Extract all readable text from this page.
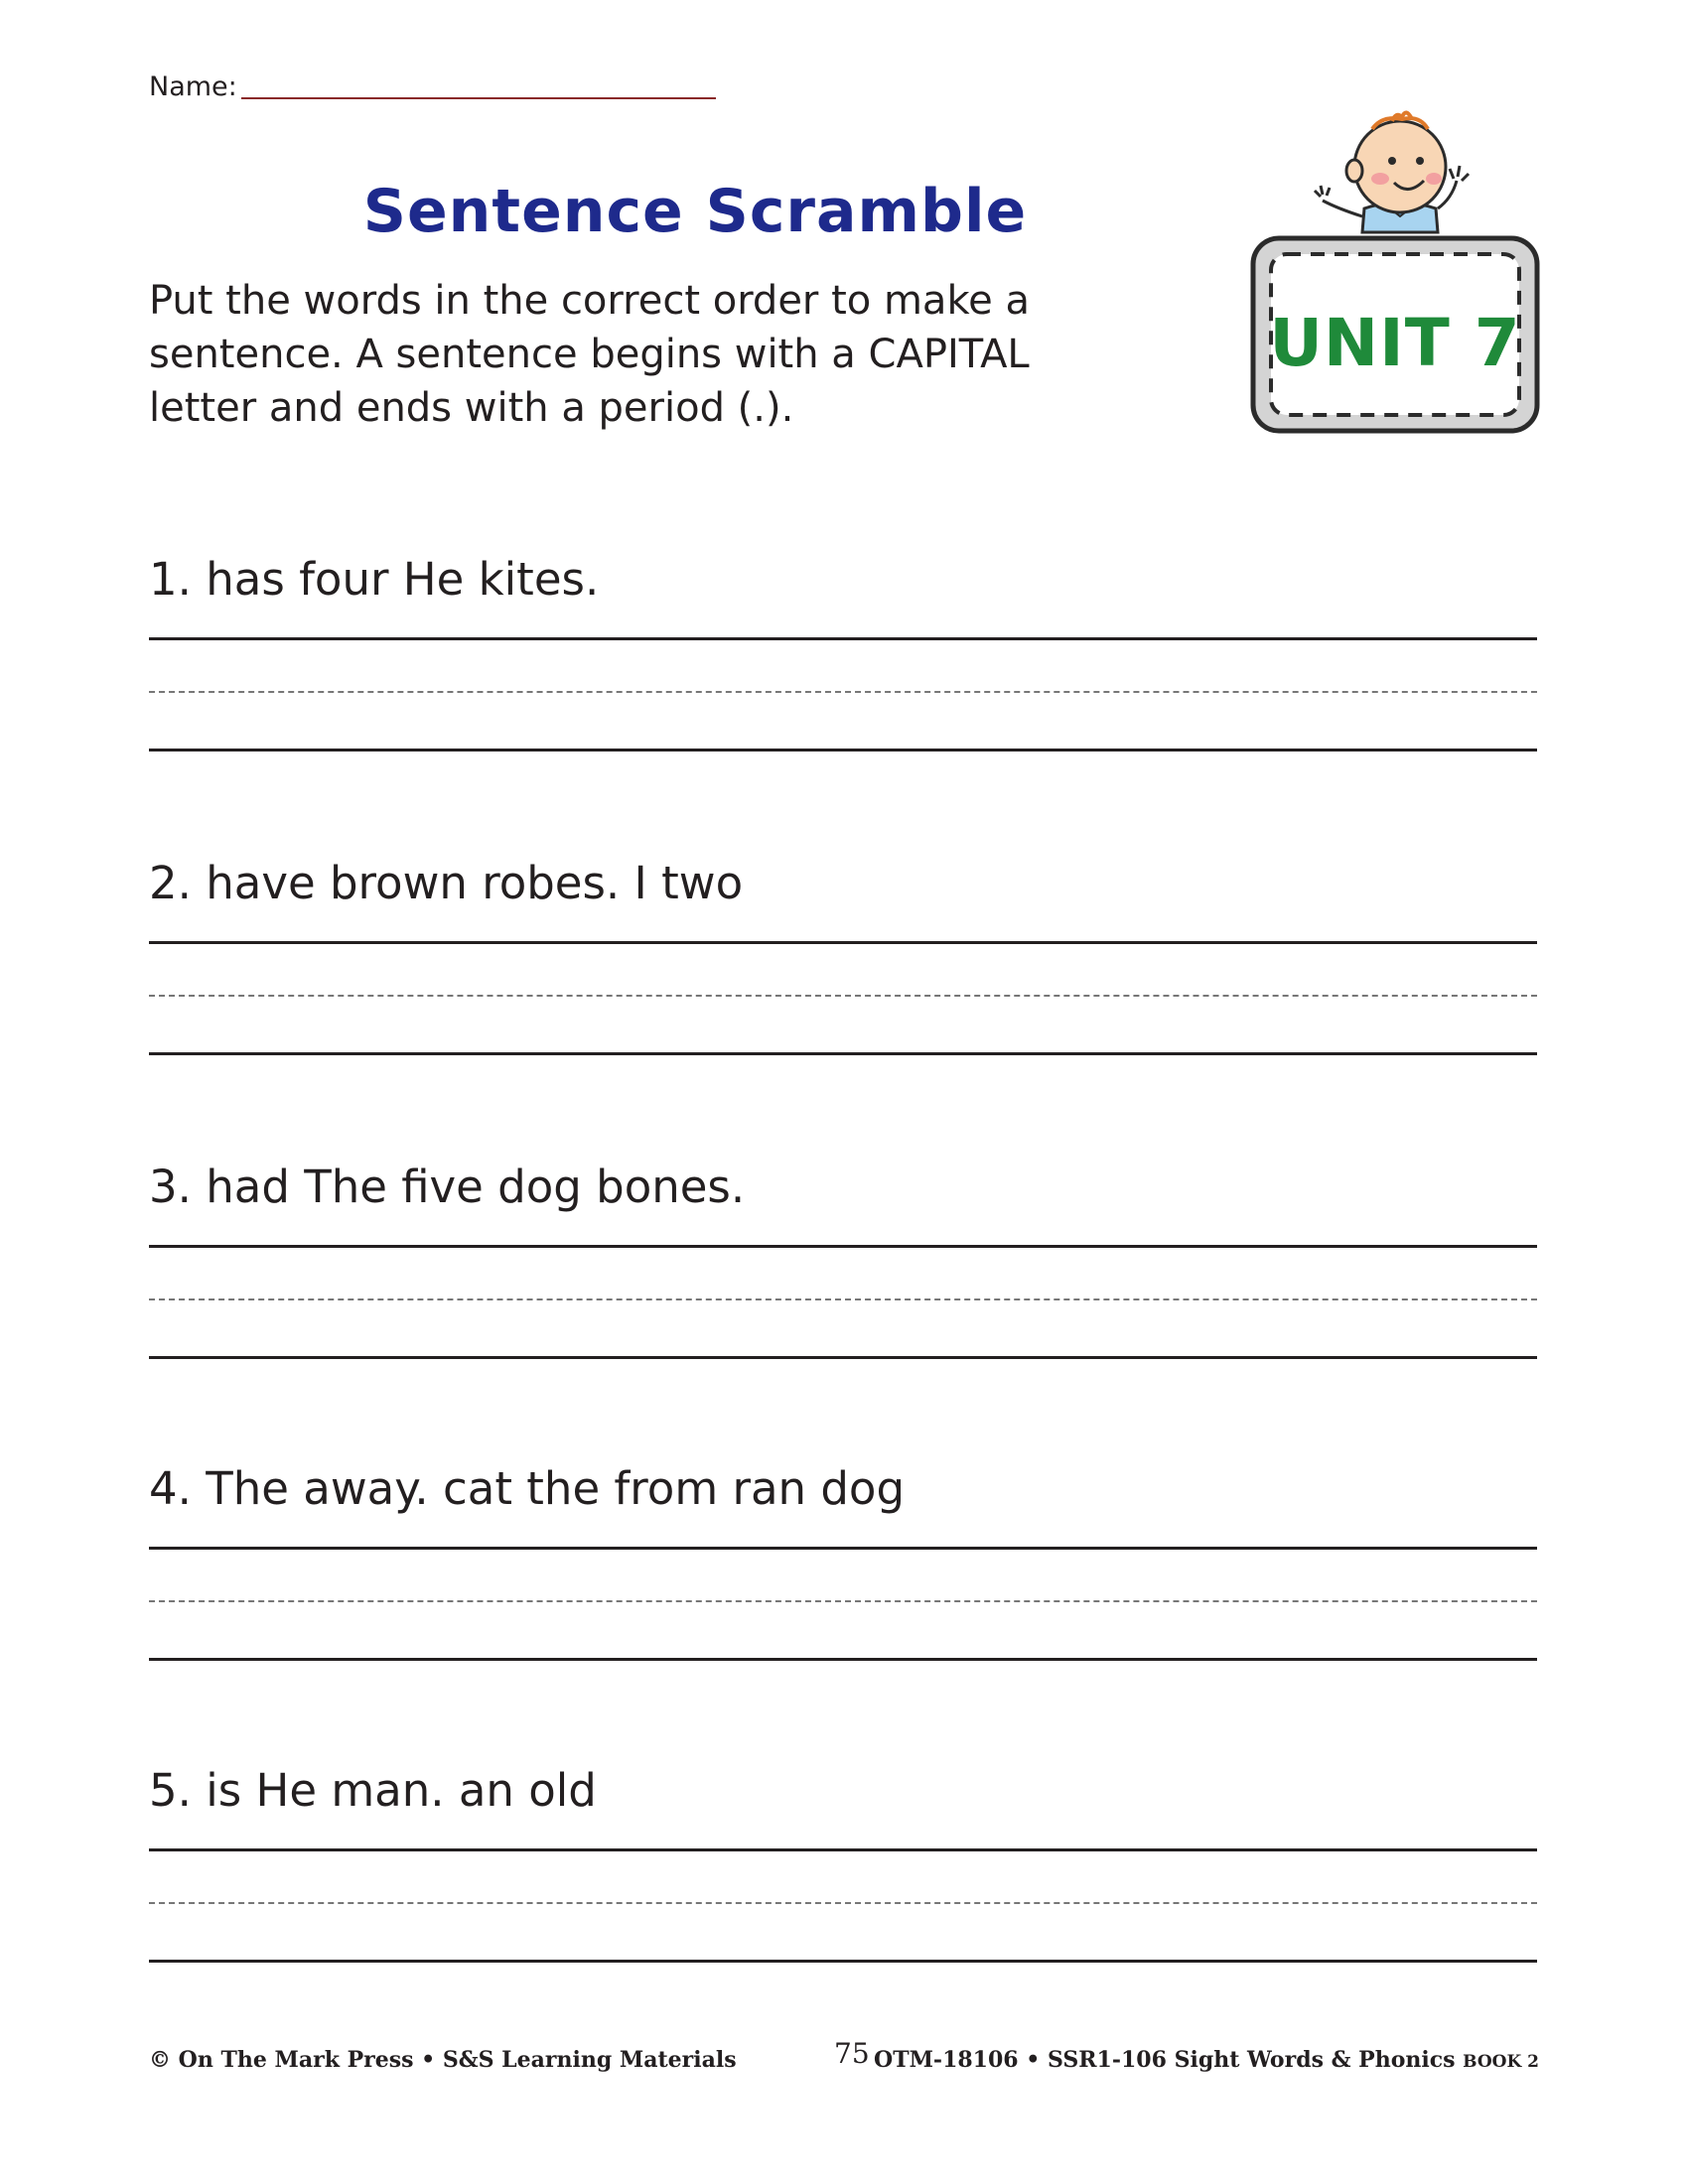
Name:
Sentence Scramble
Put the words in the correct order to make a sentence. A sentence begins with a CAPITAL letter and ends with a period (.).
UNIT 7
1. has four He kites.
2. have brown robes. I two
3. had The five dog bones.
4. The away. cat the from ran dog
5. is He man. an old
© On The Mark Press • S&S Learning Materials	75 OTM-18106 • SSR1-106 Sight Words & Phonics BOOK 2
